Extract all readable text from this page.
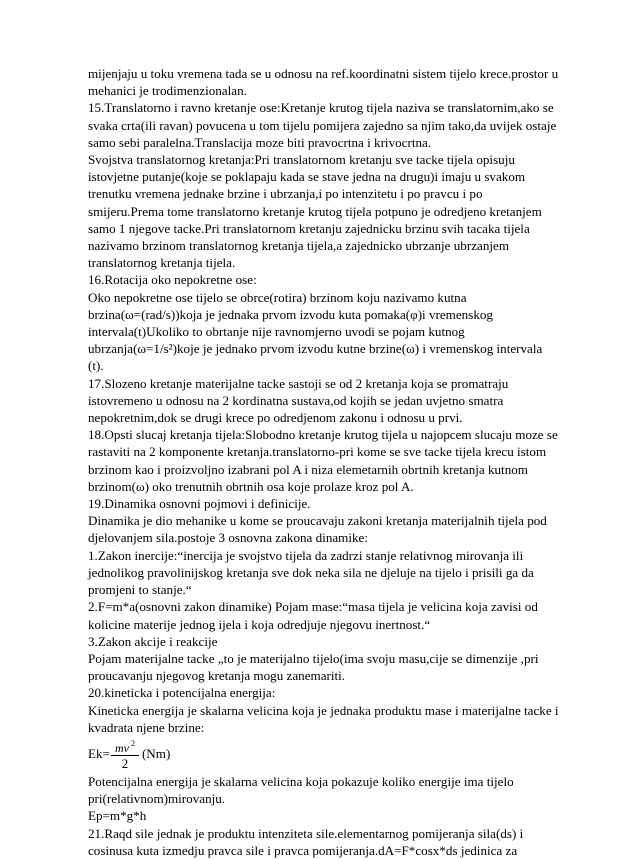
mijenjaju u toku vremena tada se u odnosu na ref.koordinatni sistem tijelo krece.prostor u
mehanici je trodimenzionalan.
15.Translatorno i ravno kretanje ose:Kretanje krutog tijela naziva se translatornim,ako se
svaka crta(ili ravan) povucena u tom tijelu pomijera zajedno sa njim tako,da uvijek ostaje
samo sebi paralelna.Translacija moze biti pravocrtna i krivocrtna.
Svojstva translatornog kretanja:Pri translatornom kretanju sve tacke tijela opisuju
istovjetne putanje(koje se poklapaju kada se stave jedna na drugu)i imaju u svakom
trenutku vremena jednake brzine i ubrzanja,i po intenzitetu i po pravcu i po
smijeru.Prema tome translatorno kretanje krutog tijela potpuno je odredjeno kretanjem
samo 1 njegove tacke.Pri translatornom kretanju zajednicku brzinu svih tacaka tijela
nazivamo brzinom translatornog kretanja tijela,a zajednicko ubrzanje ubrzanjem
translatornog kretanja tijela.
16.Rotacija oko nepokretne ose:
Oko nepokretne ose tijelo se obrce(rotira) brzinom koju nazivamo kutna
brzina(ω=(rad/s))koja je jednaka prvom izvodu kuta pomaka(φ)i vremenskog
intervala(t)Ukoliko to obrtanje nije ravnomjerno uvodi se pojam kutnog
ubrzanja(ω=1/s²)koje je jednako prvom izvodu kutne brzine(ω) i vremenskog intervala
(t).
17.Slozeno kretanje materijalne tacke sastoji se od 2 kretanja koja se promatraju
istovremeno u odnosu na 2 kordinatna sustava,od kojih se jedan uvjetno smatra
nepokretnim,dok se drugi krece po odredjenom zakonu i odnosu u prvi.
18.Opsti slucaj kretanja tijela:Slobodno kretanje krutog tijela u najopcem slucaju moze se
rastaviti na 2 komponente kretanja.translatorno-pri kome se sve tacke tijela krecu istom
brzinom kao i proizvoljno izabrani pol A i niza elemetarnih obrtnih kretanja kutnom
brzinom(ω) oko trenutnih obrtnih osa koje prolaze kroz pol A.
19.Dinamika osnovni pojmovi i definicije.
Dinamika je dio mehanike u kome se proucavaju zakoni kretanja materijalnih tijela pod
djelovanjem sila.postoje 3 osnovna zakona dinamike:
1.Zakon inercije:“inercija je svojstvo tijela da zadrzi stanje relativnog mirovanja ili
jednolikog pravolinijskog kretanja sve dok neka sila ne djeluje na tijelo i prisili ga da
promjeni to stanje.“
2.F=m*a(osnovni zakon dinamike) Pojam mase:“masa tijela je velicina koja zavisi od
kolicine materije jednog ijela i koja odredjuje njegovu inertnost.“
3.Zakon akcije i reakcije
Pojam materijalne tacke „to je materijalno tijelo(ima svoju masu,cije se dimenzije ,pri
proucavanju njegovog kretanja mogu zanemariti.
20.kineticka i potencijalna energija:
Kineticka energija je skalarna velicina koja je jednaka produktu mase i materijalne tacke i
kvadrata njene brzine:
$Ek= \frac{mv ^2}{2} (Nm)$
Potencijalna energija je skalarna velicina koja pokazuje koliko energije ima tijelo
pri(relativnom)mirovanju.
Ep=m*g*h
21.Raqd sile jednak je produktu intenziteta sile.elementarnog pomijeranja sila(ds) i
cosinusa kuta izmedju pravca sile i pravca pomijeranja.dA=F*cosx*ds jedinica za
